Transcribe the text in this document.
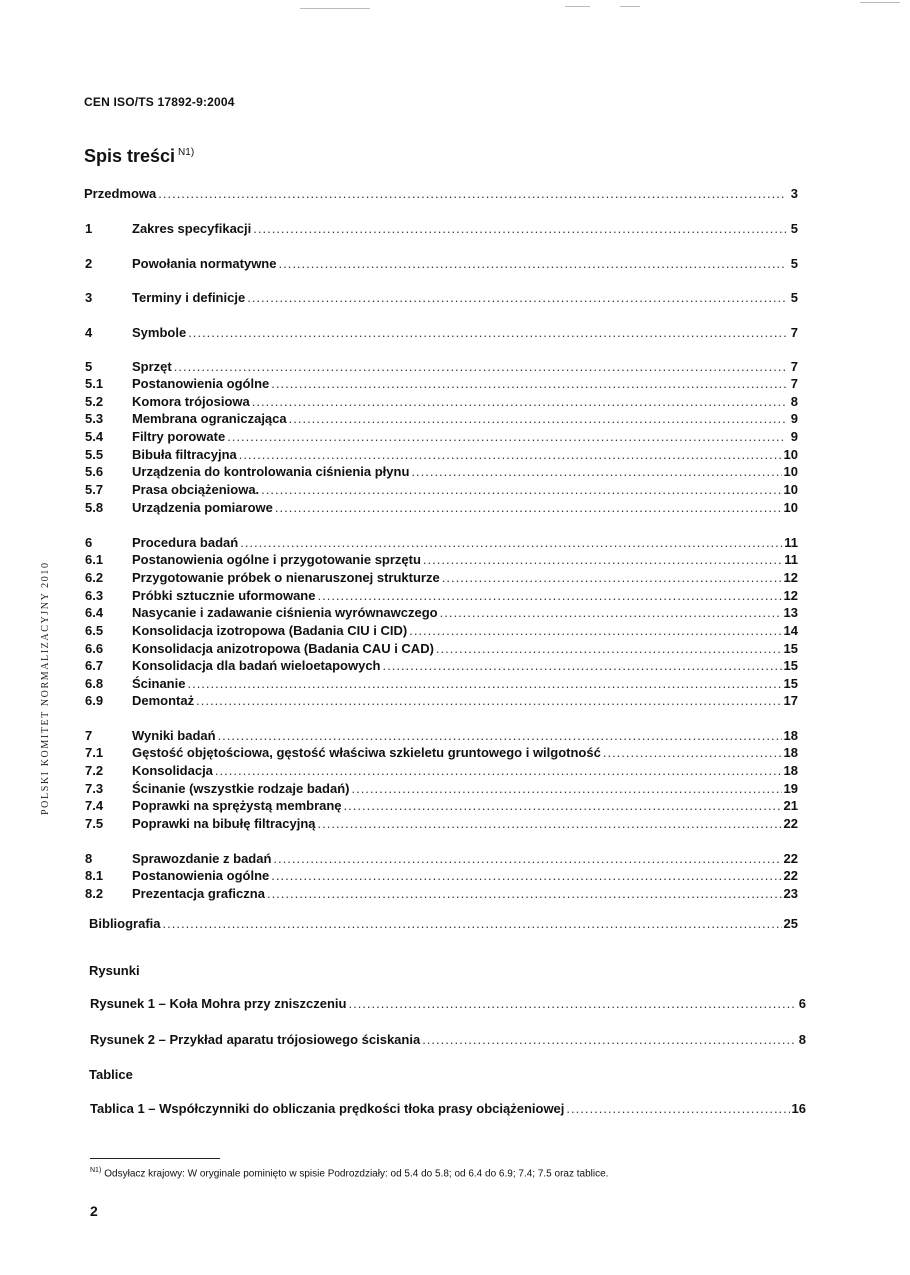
CEN ISO/TS 17892-9:2004
Spis treści $^{N1)}$
Przedmowa .....	3
1	Zakres specyfikacji .....	5
2	Powołania normatywne .....	5
3	Terminy i definicje .....	5
4	Symbole .....	7
5	Sprzęt .....	7
5.1	Postanowienia ogólne .....	7
5.2	Komora trójosiowa .....	8
5.3	Membrana ograniczająca .....	9
5.4	Filtry porowate .....	9
5.5	Bibuła filtracyjna .....	10
5.6	Urządzenia do kontrolowania ciśnienia płynu .....	10
5.7	Prasa obciążeniowa. .....	10
5.8	Urządzenia pomiarowe .....	10
6	Procedura badań .....	11
6.1	Postanowienia ogólne i przygotowanie sprzętu .....	11
6.2	Przygotowanie próbek o nienaruszonej strukturze .....	12
6.3	Próbki sztucznie uformowane .....	12
6.4	Nasycanie i zadawanie ciśnienia wyrównawczego .....	13
6.5	Konsolidacja izotropowa (Badania CIU i CID) .....	14
6.6	Konsolidacja anizotropowa (Badania CAU i CAD) .....	15
6.7	Konsolidacja dla badań wieloetapowych .....	15
6.8	Ścinanie .....	15
6.9	Demontaż .....	17
7	Wyniki badań .....	18
7.1	Gęstość objętościowa, gęstość właściwa szkieletu gruntowego i wilgotność .....	18
7.2	Konsolidacja .....	18
7.3	Ścinanie (wszystkie rodzaje badań) .....	19
7.4	Poprawki na sprężystą membranę .....	21
7.5	Poprawki na bibułę filtracyjną .....	22
8	Sprawozdanie z badań .....	22
8.1	Postanowienia ogólne .....	22
8.2	Prezentacja graficzna .....	23
Bibliografia .....	25
Rysunki
Rysunek 1 – Koła Mohra przy zniszczeniu .....	6
Rysunek 2 – Przykład aparatu trójosiowego ściskania .....	8
Tablice
Tablica 1 – Współczynniki do obliczania prędkości tłoka prasy obciążeniowej .....	16
POLSKI KOMITET NORMALIZACYJNY 2010
$^{N1)}$ Odsyłacz krajowy: W oryginale pominięto w spisie Podrozdziały: od 5.4 do 5.8; od 6.4 do 6.9; 7.4; 7.5 oraz tablice.
2
